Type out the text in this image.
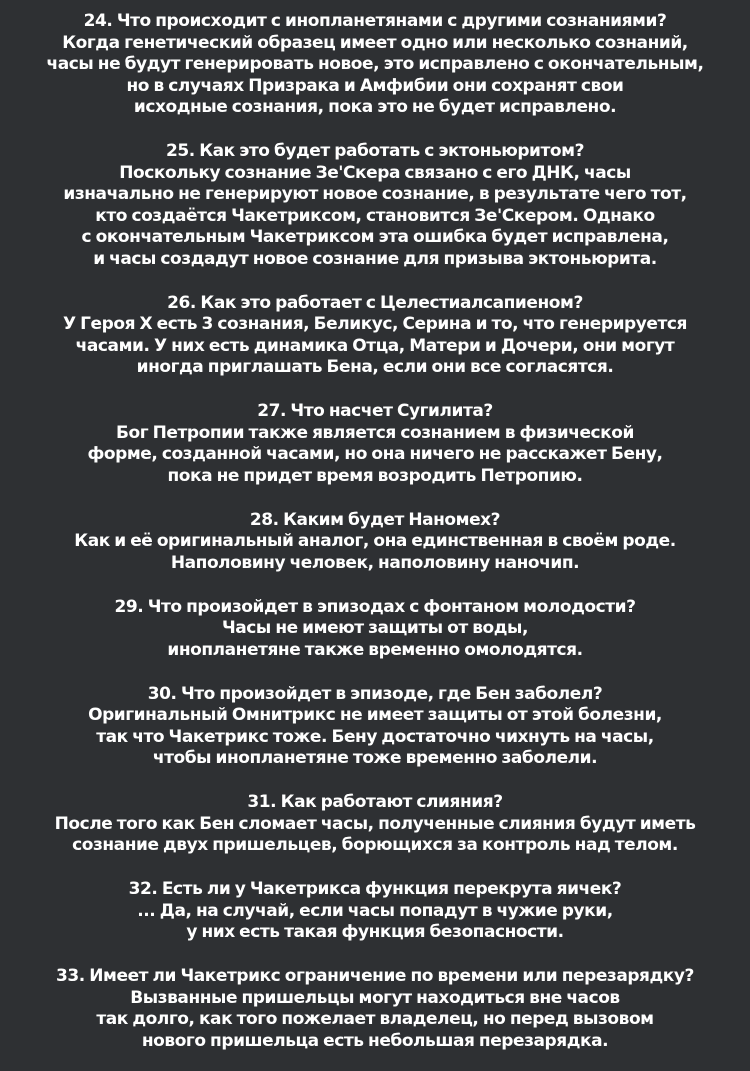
24. Что происходит с инопланетянами с другими сознаниями?
Когда генетический образец имеет одно или несколько сознаний,
часы не будут генерировать новое, это исправлено с окончательным,
но в случаях Призрака и Амфибии они сохранят свои
исходные сознания, пока это не будет исправлено.
25. Как это будет работать с эктоньюритом?
Поскольку сознание Зе'Скера связано с его ДНК, часы
изначально не генерируют новое сознание, в результате чего тот,
кто создаётся Чакетриксом, становится Зе'Скером. Однако
с окончательным Чакетриксом эта ошибка будет исправлена,
и часы создадут новое сознание для призыва эктоньюрита.
26. Как это работает с Целестиалсапиеном?
У Героя X есть 3 сознания, Беликус, Серина и то, что генерируется
часами. У них есть динамика Отца, Матери и Дочери, они могут
иногда приглашать Бена, если они все согласятся.
27. Что насчет Сугилита?
Бог Петропии также является сознанием в физической
форме, созданной часами, но она ничего не расскажет Бену,
пока не придет время возродить Петропию.
28. Каким будет Наномех?
Как и её оригинальный аналог, она единственная в своём роде.
Наполовину человек, наполовину наночип.
29. Что произойдет в эпизодах с фонтаном молодости?
Часы не имеют защиты от воды,
инопланетяне также временно омолодятся.
30. Что произойдет в эпизоде, где Бен заболел?
Оригинальный Омнитрикс не имеет защиты от этой болезни,
так что Чакетрикс тоже. Бену достаточно чихнуть на часы,
чтобы инопланетяне тоже временно заболели.
31. Как работают слияния?
После того как Бен сломает часы, полученные слияния будут иметь
сознание двух пришельцев, борющихся за контроль над телом.
32. Есть ли у Чакетрикса функция перекрута яичек?
... Да, на случай, если часы попадут в чужие руки,
у них есть такая функция безопасности.
33. Имеет ли Чакетрикс ограничение по времени или перезарядку?
Вызванные пришельцы могут находиться вне часов
так долго, как того пожелает владелец, но перед вызовом
нового пришельца есть небольшая перезарядка.
